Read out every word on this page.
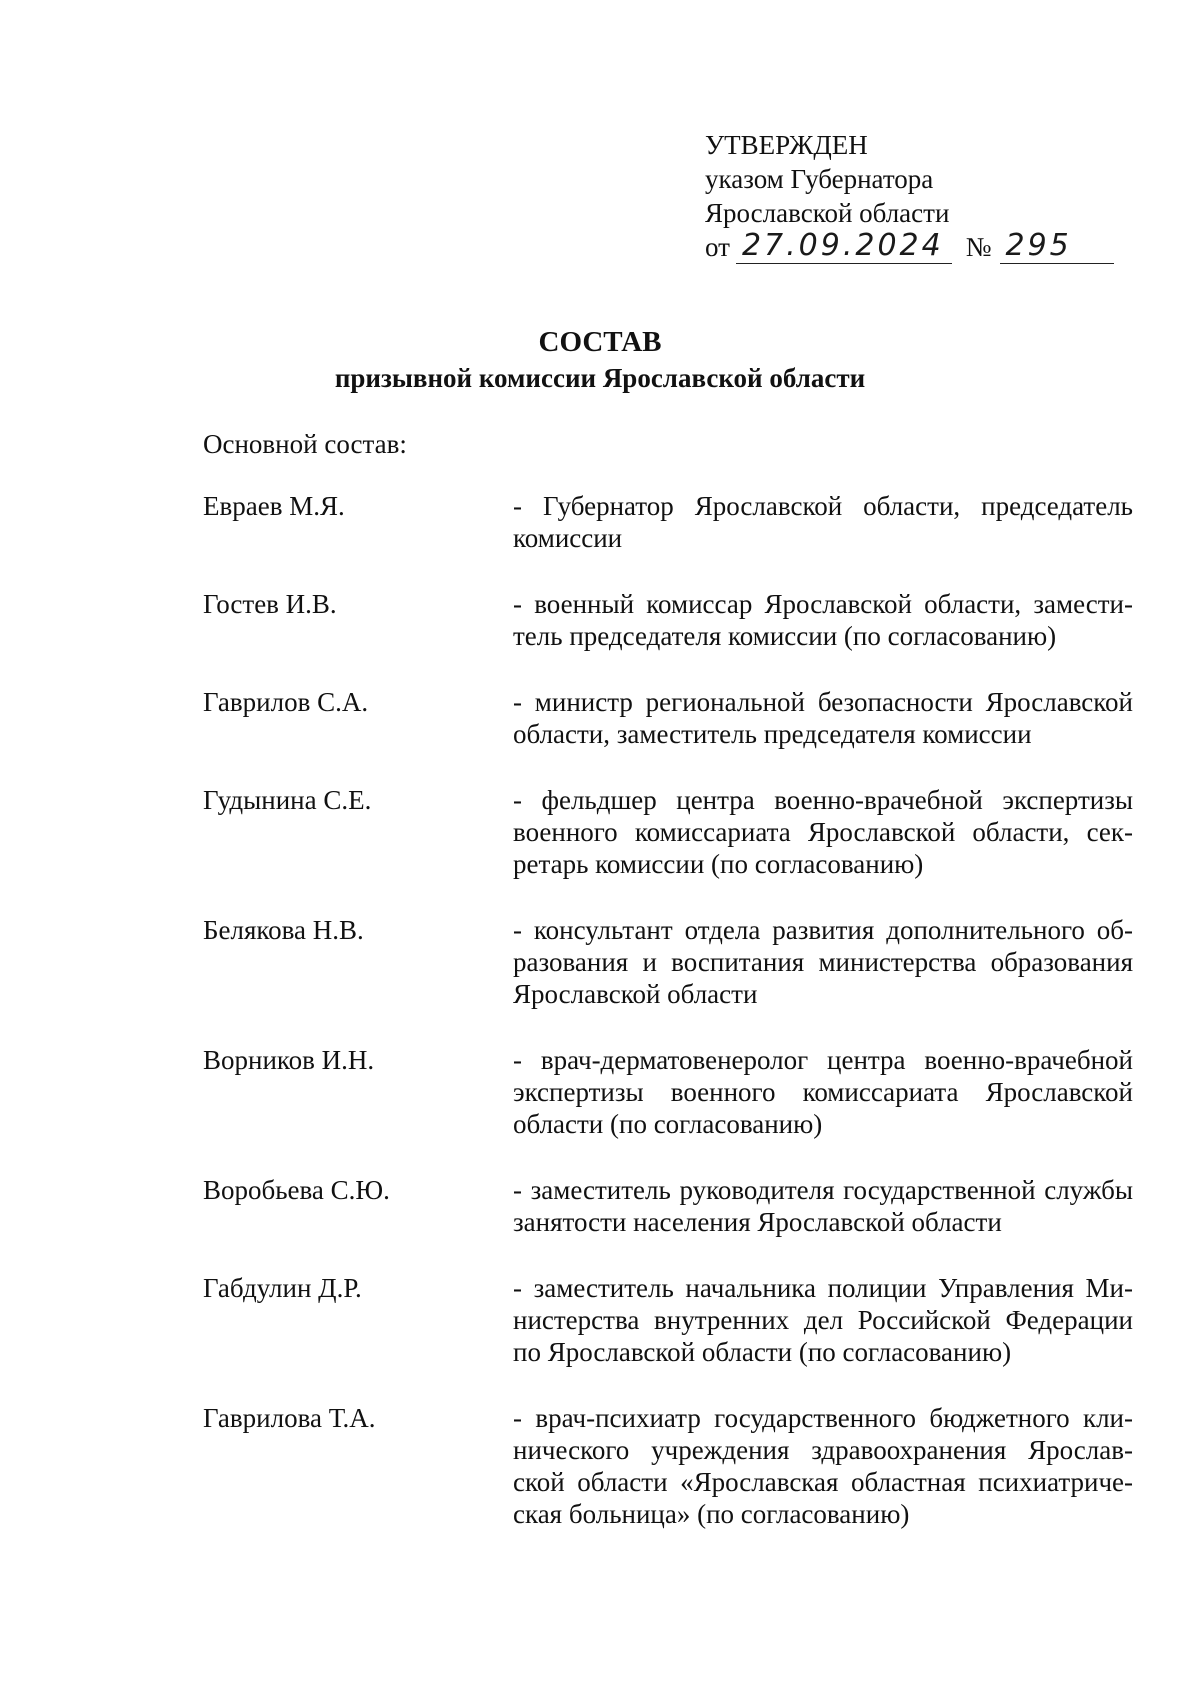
УТВЕРЖДЕН
указом Губернатора
Ярославской области
от 27.09.2024 № 295
СОСТАВ
призывной комиссии Ярославской области
Основной состав:
Евраев М.Я.	- Губернатор Ярославской области, председатель комиссии
Гостев И.В.	- военный комиссар Ярославской области, замести-тель председателя комиссии (по согласованию)
Гаврилов С.А.	- министр региональной безопасности Ярославской области, заместитель председателя комиссии
Гудынина С.Е.	- фельдшер центра военно-врачебной экспертизы военного комиссариата Ярославской области, сек-ретарь комиссии (по согласованию)
Белякова Н.В.	- консультант отдела развития дополнительного об-разования и воспитания министерства образования Ярославской области
Ворников И.Н.	- врач-дерматовенеролог центра военно-врачебной экспертизы военного комиссариата Ярославской области (по согласованию)
Воробьева С.Ю.	- заместитель руководителя государственной службы занятости населения Ярославской области
Габдулин Д.Р.	- заместитель начальника полиции Управления Ми-нистерства внутренних дел Российской Федерации по Ярославской области (по согласованию)
Гаврилова Т.А.	- врач-психиатр государственного бюджетного кли-нического учреждения здравоохранения Ярослав-ской области «Ярославская областная психиатриче-ская больница» (по согласованию)
